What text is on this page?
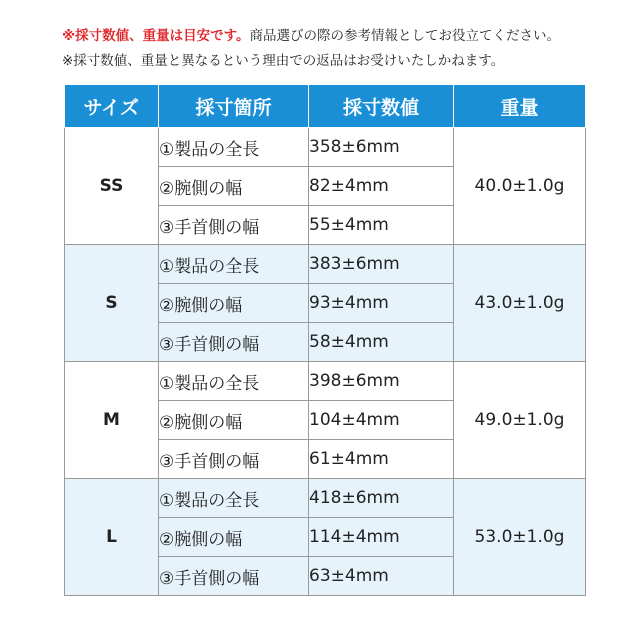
※採寸数値、重量は目安です。商品選びの際の参考情報としてお役立てください。
※採寸数値、重量と異なるという理由での返品はお受けいたしかねます。
サイズ	採寸箇所	採寸数値	重量
SS	①製品の全長	358±6mm	40.0±1.0g
	②腕側の幅	82±4mm	
	③手首側の幅	55±4mm	
S	①製品の全長	383±6mm	43.0±1.0g
	②腕側の幅	93±4mm	
	③手首側の幅	58±4mm	
M	①製品の全長	398±6mm	49.0±1.0g
	②腕側の幅	104±4mm	
	③手首側の幅	61±4mm	
L	①製品の全長	418±6mm	53.0±1.0g
	②腕側の幅	114±4mm	
	③手首側の幅	63±4mm	
